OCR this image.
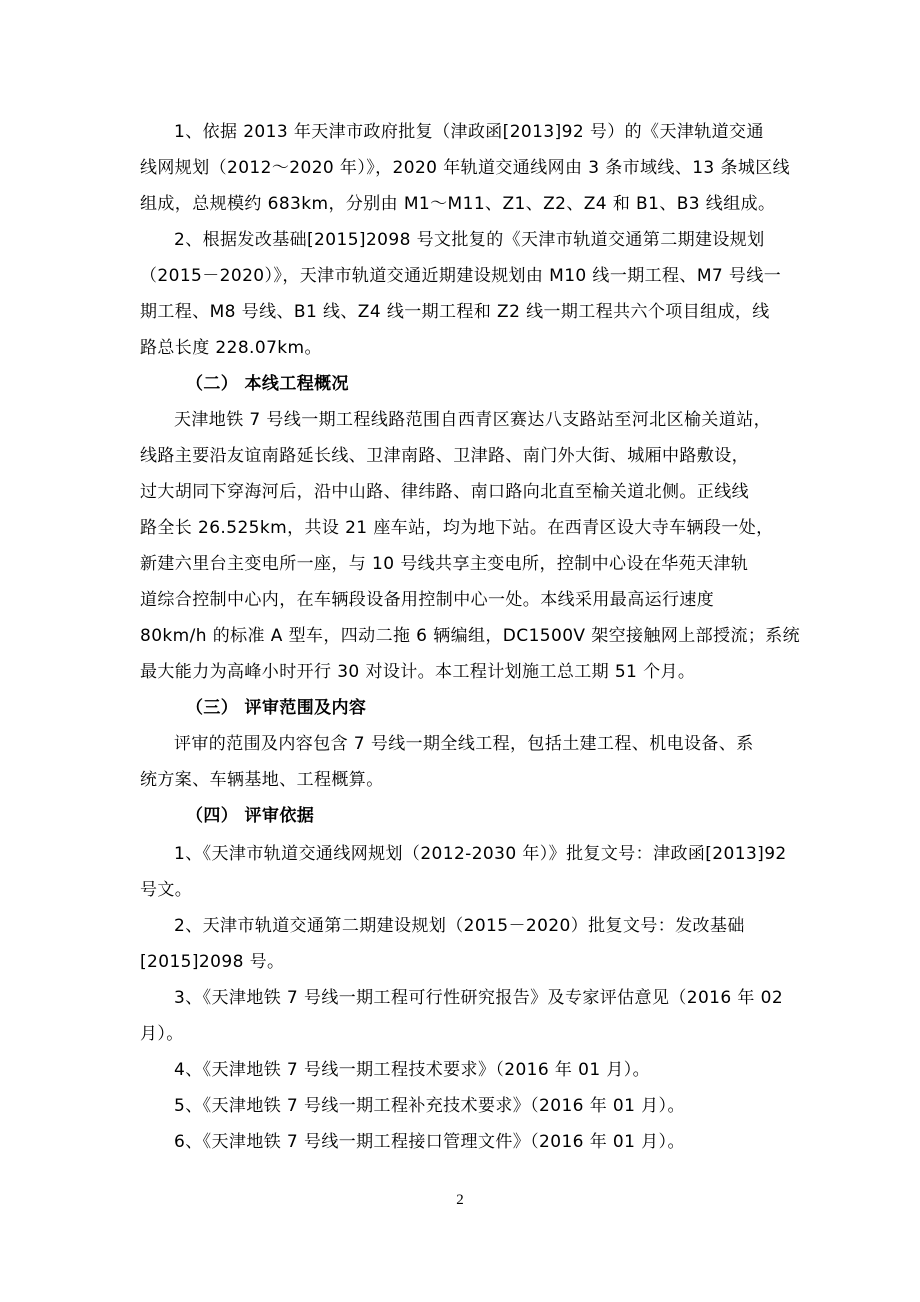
1、依据 2013 年天津市政府批复（津政函[2013]92 号）的《天津轨道交通
线网规划（2012～2020 年）》，2020 年轨道交通线网由 3 条市域线、13 条城区线
组成，总规模约 683km，分别由 M1～M11、Z1、Z2、Z4 和 B1、B3 线组成。
2、根据发改基础[2015]2098 号文批复的《天津市轨道交通第二期建设规划
（2015－2020）》，天津市轨道交通近期建设规划由 M10 线一期工程、M7 号线一
期工程、M8 号线、B1 线、Z4 线一期工程和 Z2 线一期工程共六个项目组成，线
路总长度 228.07km。
（二） 本线工程概况
天津地铁 7 号线一期工程线路范围自西青区赛达八支路站至河北区榆关道站，
线路主要沿友谊南路延长线、卫津南路、卫津路、南门外大街、城厢中路敷设，
过大胡同下穿海河后，沿中山路、律纬路、南口路向北直至榆关道北侧。正线线
路全长 26.525km，共设 21 座车站，均为地下站。在西青区设大寺车辆段一处，
新建六里台主变电所一座，与 10 号线共享主变电所，控制中心设在华苑天津轨
道综合控制中心内，在车辆段设备用控制中心一处。本线采用最高运行速度
80km/h 的标准 A 型车，四动二拖 6 辆编组，DC1500V 架空接触网上部授流；系统
最大能力为高峰小时开行 30 对设计。本工程计划施工总工期 51 个月。
（三） 评审范围及内容
评审的范围及内容包含 7 号线一期全线工程，包括土建工程、机电设备、系
统方案、车辆基地、工程概算。
（四） 评审依据
1、《天津市轨道交通线网规划（2012-2030 年）》批复文号：津政函[2013]92
号文。
2、天津市轨道交通第二期建设规划（2015－2020）批复文号：发改基础
[2015]2098 号。
3、《天津地铁 7 号线一期工程可行性研究报告》及专家评估意见（2016 年 02
月）。
4、《天津地铁 7 号线一期工程技术要求》（2016 年 01 月）。
5、《天津地铁 7 号线一期工程补充技术要求》（2016 年 01 月）。
6、《天津地铁 7 号线一期工程接口管理文件》（2016 年 01 月）。
2
